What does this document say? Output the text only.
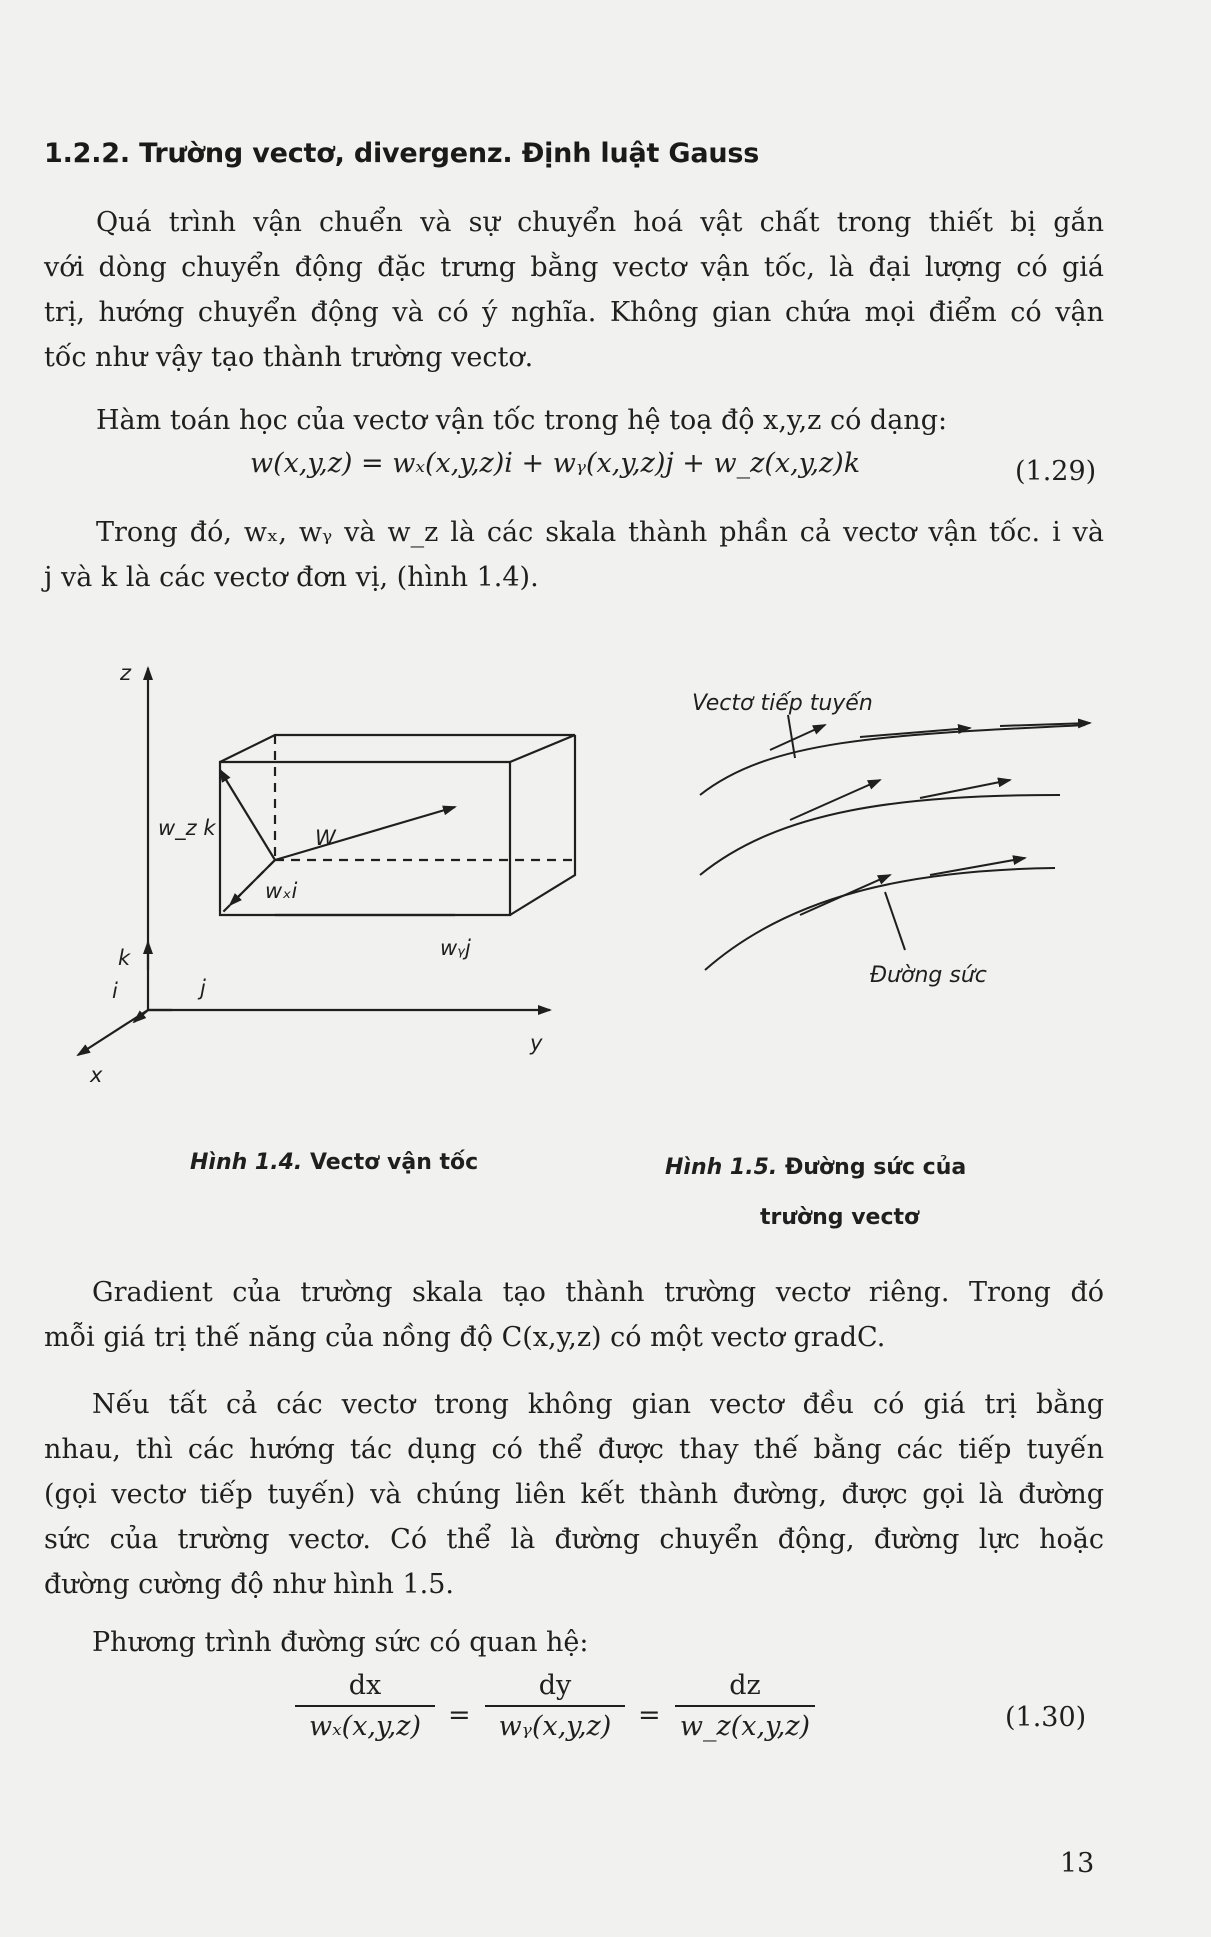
1.2.2. Trường vectơ, divergenz. Định luật Gauss
Quá trình vận chuển và sự chuyển hoá vật chất trong thiết bị gắn
với dòng chuyển động đặc trưng bằng vectơ vận tốc, là đại lượng có giá
trị, hướng chuyển động và có ý nghĩa. Không gian chứa mọi điểm có vận
tốc như vậy tạo thành trường vectơ.
Hàm toán học của vectơ vận tốc trong hệ toạ độ x,y,z có dạng:
w(x,y,z) = wₓ(x,y,z)i + wᵧ(x,y,z)j + w_z(x,y,z)k	(1.29)
Trong đó, wₓ, wᵧ và w_z là các skala thành phần cả vectơ vận tốc. i và
j và k là các vectơ đơn vị, (hình 1.4).
z
y
x
w_z k	W
wₓi
wᵧj
k
i	j
Vectơ tiếp tuyến
Đường sức
Hình 1.4. Vectơ vận tốc	Hình 1.5. Đường sức của
trường vectơ
Gradient của trường skala tạo thành trường vectơ riêng. Trong đó
mỗi giá trị thế năng của nồng độ C(x,y,z) có một vectơ gradC.
Nếu tất cả các vectơ trong không gian vectơ đều có giá trị bằng
nhau, thì các hướng tác dụng có thể được thay thế bằng các tiếp tuyến
(gọi vectơ tiếp tuyến) và chúng liên kết thành đường, được gọi là đường
sức của trường vectơ. Có thể là đường chuyển động, đường lực hoặc
đường cường độ như hình 1.5.
Phương trình đường sức có quan hệ:
$\frac{dx}{\text{wₓ(x,y,z)}} = \frac{dy}{\text{wᵧ(x,y,z)}} = \frac{dz}{w\_z(x,y,z)}$	(1.30)
13
